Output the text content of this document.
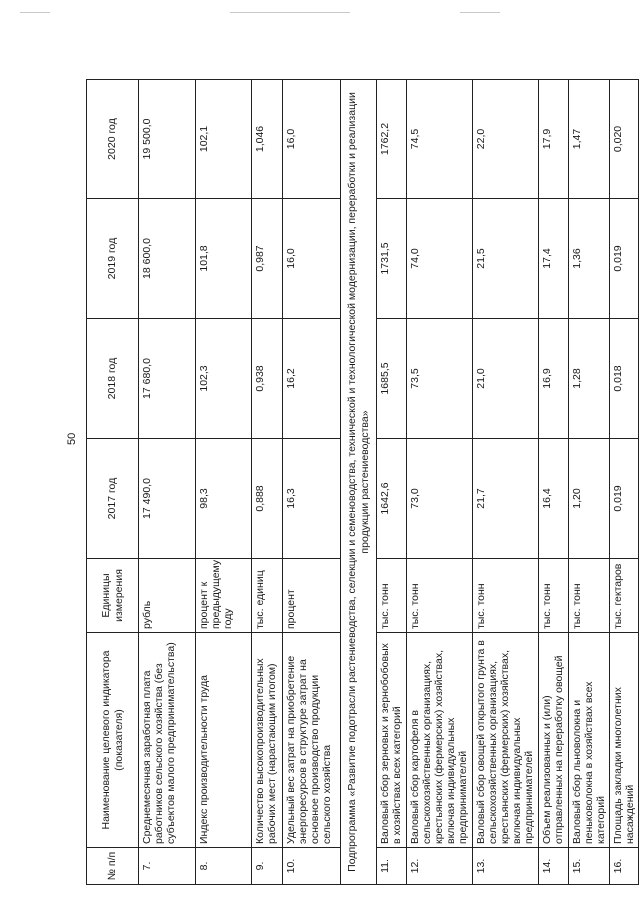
50
№ п/п	Наименование целевого индикатора (показателя)	Единицы измерения	2017 год	2018 год	2019 год	2020 год
7.	Среднемесячная заработная плата работников сельского хозяйства (без субъектов малого предпринимательства)	рубль	17 490,0	17 680,0	18 600,0	19 500,0
8.	Индекс производительности труда	процент к предыдущему году	98,3	102,3	101,8	102,1
9.	Количество высокопроизводительных рабочих мест (нарастающим итогом)	тыс. единиц	0,888	0,938	0,987	1,046
10.	Удельный вес затрат на приобретение энергоресурсов в структуре затрат на основное производство продукции сельского хозяйства	процент	16,3	16,2	16,0	16,0
Подпрограмма «Развитие подотрасли растениеводства, селекции и семеноводства, технической и технологической модернизации, переработки и реализации продукции растениеводства»						
11.	Валовый сбор зерновых и зернобобовых в хозяйствах всех категорий	тыс. тонн	1642,6	1685,5	1731,5	1762,2
12.	Валовый сбор картофеля в сельскохозяйственных организациях, крестьянских (фермерских) хозяйствах, включая индивидуальных предпринимателей	тыс. тонн	73,0	73,5	74,0	74,5
13.	Валовый сбор овощей открытого грунта в сельскохозяйственных организациях, крестьянских (фермерских) хозяйствах, включая индивидуальных предпринимателей	тыс. тонн	21,7	21,0	21,5	22,0
14.	Объем реализованных и (или) отправленных на переработку овощей	тыс. тонн	16,4	16,9	17,4	17,9
15.	Валовый сбор льноволокна и пеньковолокна в хозяйствах всех категорий	тыс. тонн	1,20	1,28	1,36	1,47
16.	Площадь закладки многолетних насаждений	тыс. гектаров	0,019	0,018	0,019	0,020
